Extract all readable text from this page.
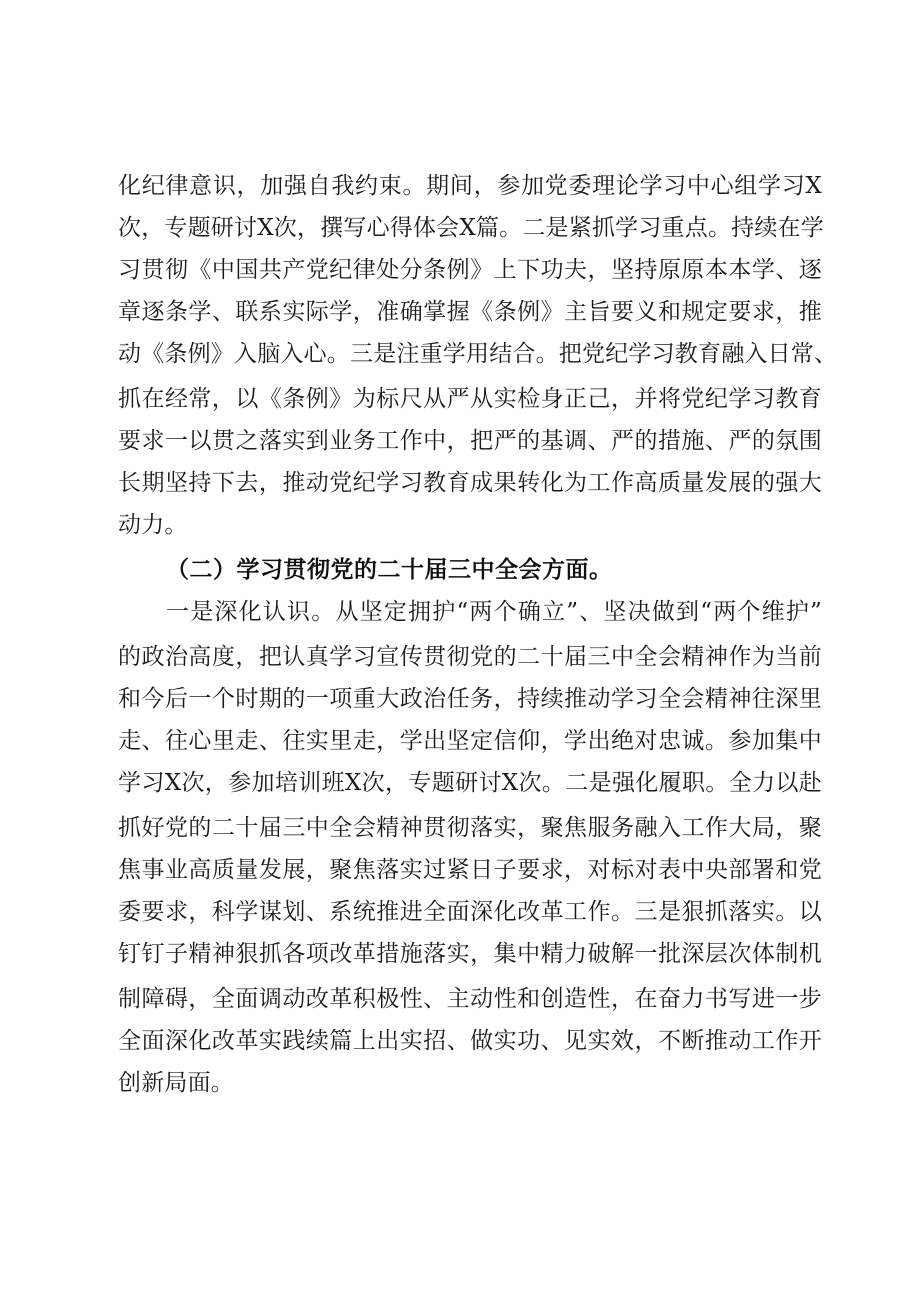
化纪律意识，加强自我约束。期间，参加党委理论学习中心组学习X
次，专题研讨X次，撰写心得体会X篇。二是紧抓学习重点。持续在学
习贯彻《中国共产党纪律处分条例》上下功夫，坚持原原本本学、逐
章逐条学、联系实际学，准确掌握《条例》主旨要义和规定要求，推
动《条例》入脑入心。三是注重学用结合。把党纪学习教育融入日常、
抓在经常，以《条例》为标尺从严从实检身正己，并将党纪学习教育
要求一以贯之落实到业务工作中，把严的基调、严的措施、严的氛围
长期坚持下去，推动党纪学习教育成果转化为工作高质量发展的强大
动力。
（二）学习贯彻党的二十届三中全会方面。
一是深化认识。从坚定拥护“两个确立”、坚决做到“两个维护”
的政治高度，把认真学习宣传贯彻党的二十届三中全会精神作为当前
和今后一个时期的一项重大政治任务，持续推动学习全会精神往深里
走、往心里走、往实里走，学出坚定信仰，学出绝对忠诚。参加集中
学习X次，参加培训班X次，专题研讨X次。二是强化履职。全力以赴
抓好党的二十届三中全会精神贯彻落实，聚焦服务融入工作大局，聚
焦事业高质量发展，聚焦落实过紧日子要求，对标对表中央部署和党
委要求，科学谋划、系统推进全面深化改革工作。三是狠抓落实。以
钉钉子精神狠抓各项改革措施落实，集中精力破解一批深层次体制机
制障碍，全面调动改革积极性、主动性和创造性，在奋力书写进一步
全面深化改革实践续篇上出实招、做实功、见实效，不断推动工作开
创新局面。
